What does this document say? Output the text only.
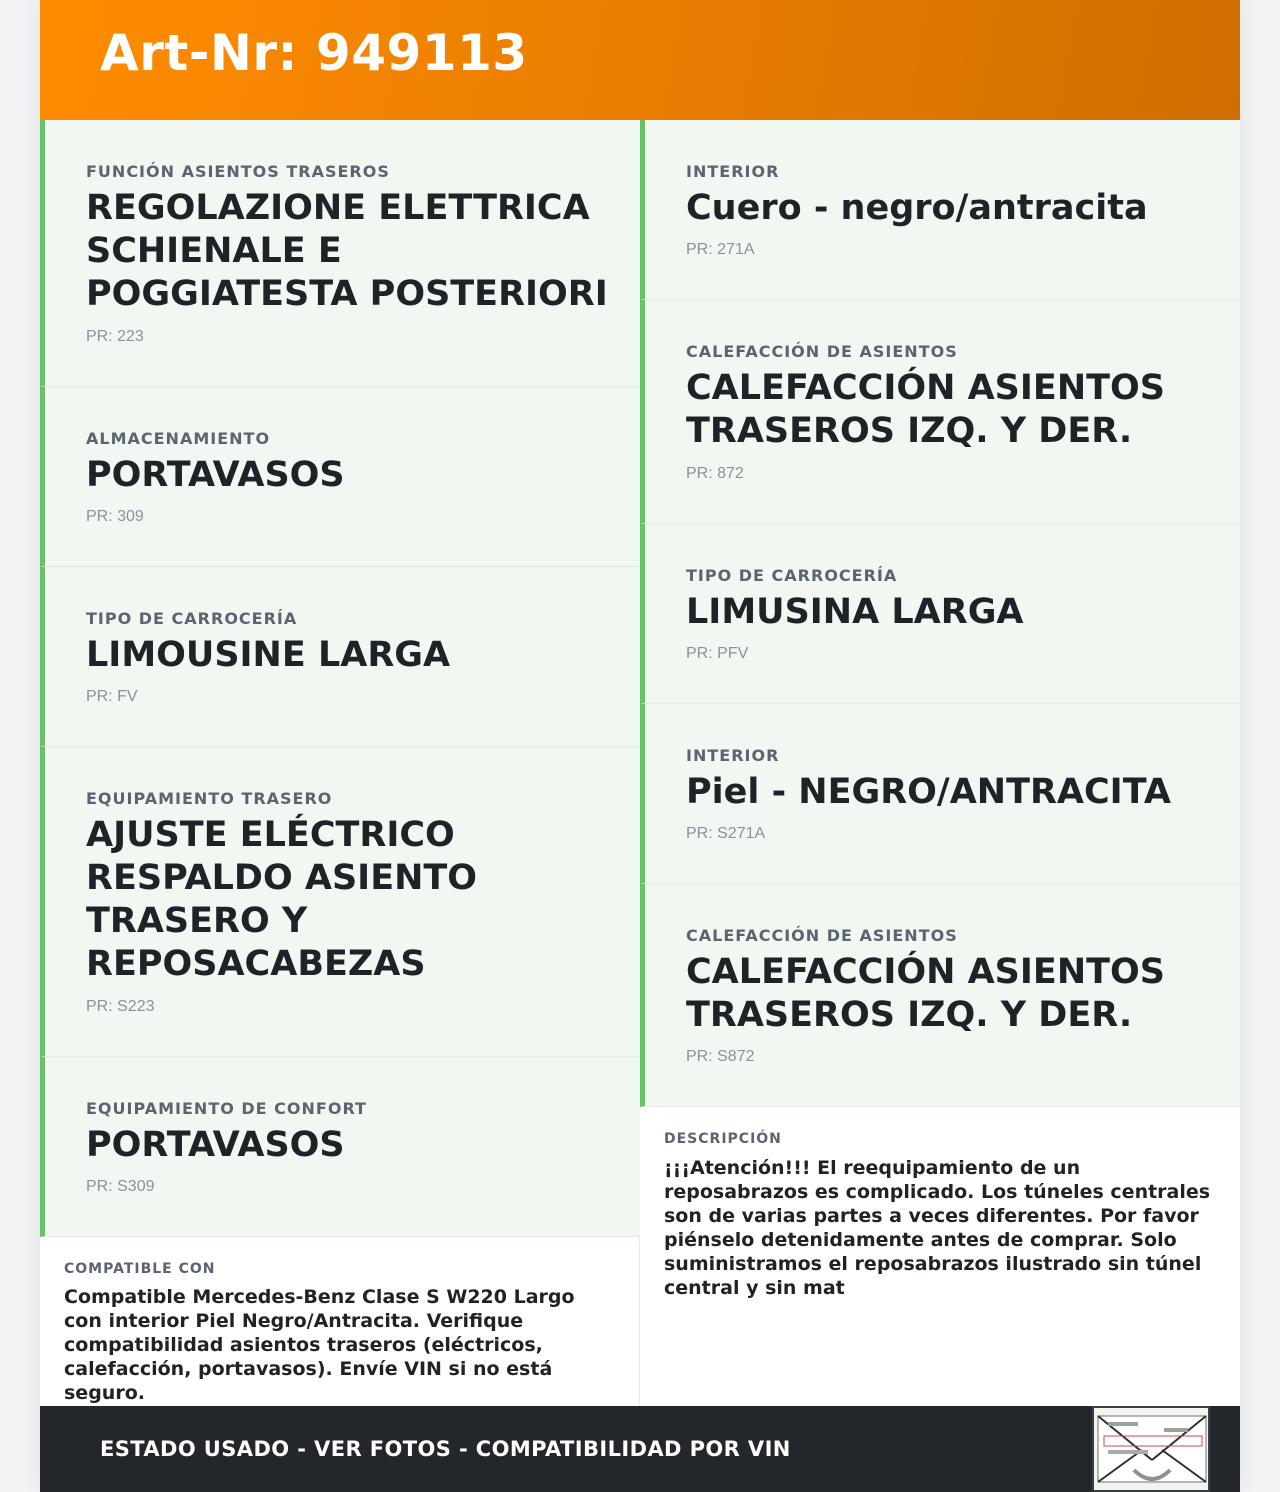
Art-Nr: 949113
FUNCIÓN ASIENTOS TRASEROS
REGOLAZIONE ELETTRICA SCHIENALE E POGGIATESTA POSTERIORI
PR: 223
ALMACENAMIENTO
PORTAVASOS
PR: 309
TIPO DE CARROCERÍA
LIMOUSINE LARGA
PR: FV
EQUIPAMIENTO TRASERO
AJUSTE ELÉCTRICO RESPALDO ASIENTO TRASERO Y REPOSACABEZAS
PR: S223
EQUIPAMIENTO DE CONFORT
PORTAVASOS
PR: S309
COMPATIBLE CON
Compatible Mercedes-Benz Clase S W220 Largo con interior Piel Negro/Antracita. Verifique compatibilidad asientos traseros (eléctricos, calefacción, portavasos). Envíe VIN si no está seguro.
INTERIOR
Cuero - negro/antracita
PR: 271A
CALEFACCIÓN DE ASIENTOS
CALEFACCIÓN ASIENTOS TRASEROS IZQ. Y DER.
PR: 872
TIPO DE CARROCERÍA
LIMUSINA LARGA
PR: PFV
INTERIOR
Piel - NEGRO/ANTRACITA
PR: S271A
CALEFACCIÓN DE ASIENTOS
CALEFACCIÓN ASIENTOS TRASEROS IZQ. Y DER.
PR: S872
DESCRIPCIÓN
¡¡¡Atención!!! El reequipamiento de un reposabrazos es complicado. Los túneles centrales son de varias partes a veces diferentes. Por favor piénselo detenidamente antes de comprar. Solo suministramos el reposabrazos ilustrado sin túnel central y sin mat
ESTADO USADO - VER FOTOS - COMPATIBILIDAD POR VIN
